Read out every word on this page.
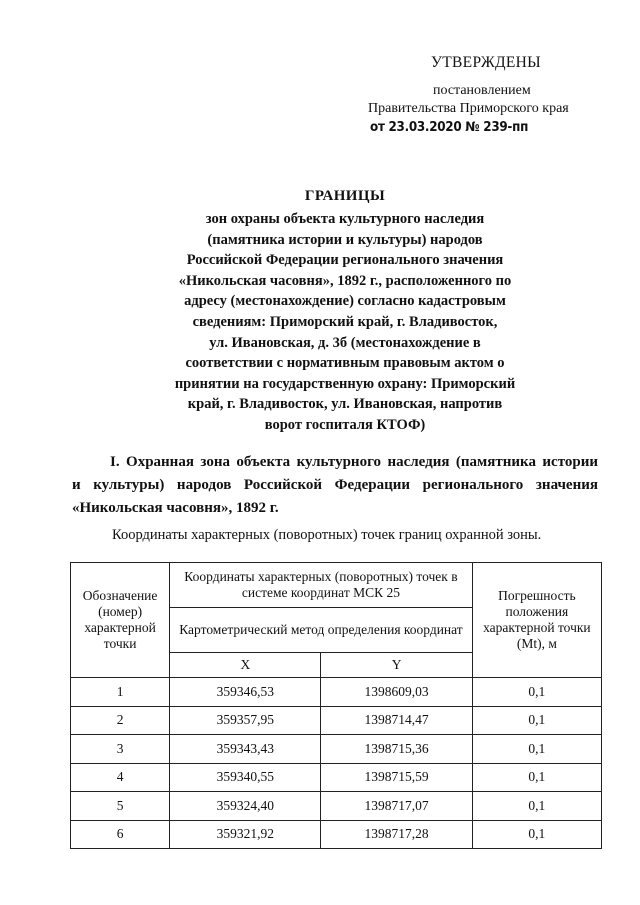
УТВЕРЖДЕНЫ
постановлением
Правительства Приморского края
от 23.03.2020 № 239-пп
ГРАНИЦЫ
зон охраны объекта культурного наследия
(памятника истории и культуры) народов
Российской Федерации регионального значения
«Никольская часовня», 1892 г., расположенного по
адресу (местонахождение) согласно кадастровым
сведениям: Приморский край, г. Владивосток,
ул. Ивановская, д. 3б (местонахождение в
соответствии с нормативным правовым актом о
принятии на государственную охрану: Приморский
край, г. Владивосток, ул. Ивановская, напротив
ворот госпиталя КТОФ)
I. Охранная зона объекта культурного наследия (памятника истории
и культуры) народов Российской Федерации регионального значения
«Никольская часовня», 1892 г.
Координаты характерных (поворотных) точек границ охранной зоны.
Обозначение (номер) характерной точки	Координаты характерных (поворотных) точек в системе координат МСК 25		Погрешность положения характерной точки (Mt), м
	Картометрический метод определения координат		
	X	Y	
1	359346,53	1398609,03	0,1
2	359357,95	1398714,47	0,1
3	359343,43	1398715,36	0,1
4	359340,55	1398715,59	0,1
5	359324,40	1398717,07	0,1
6	359321,92	1398717,28	0,1
